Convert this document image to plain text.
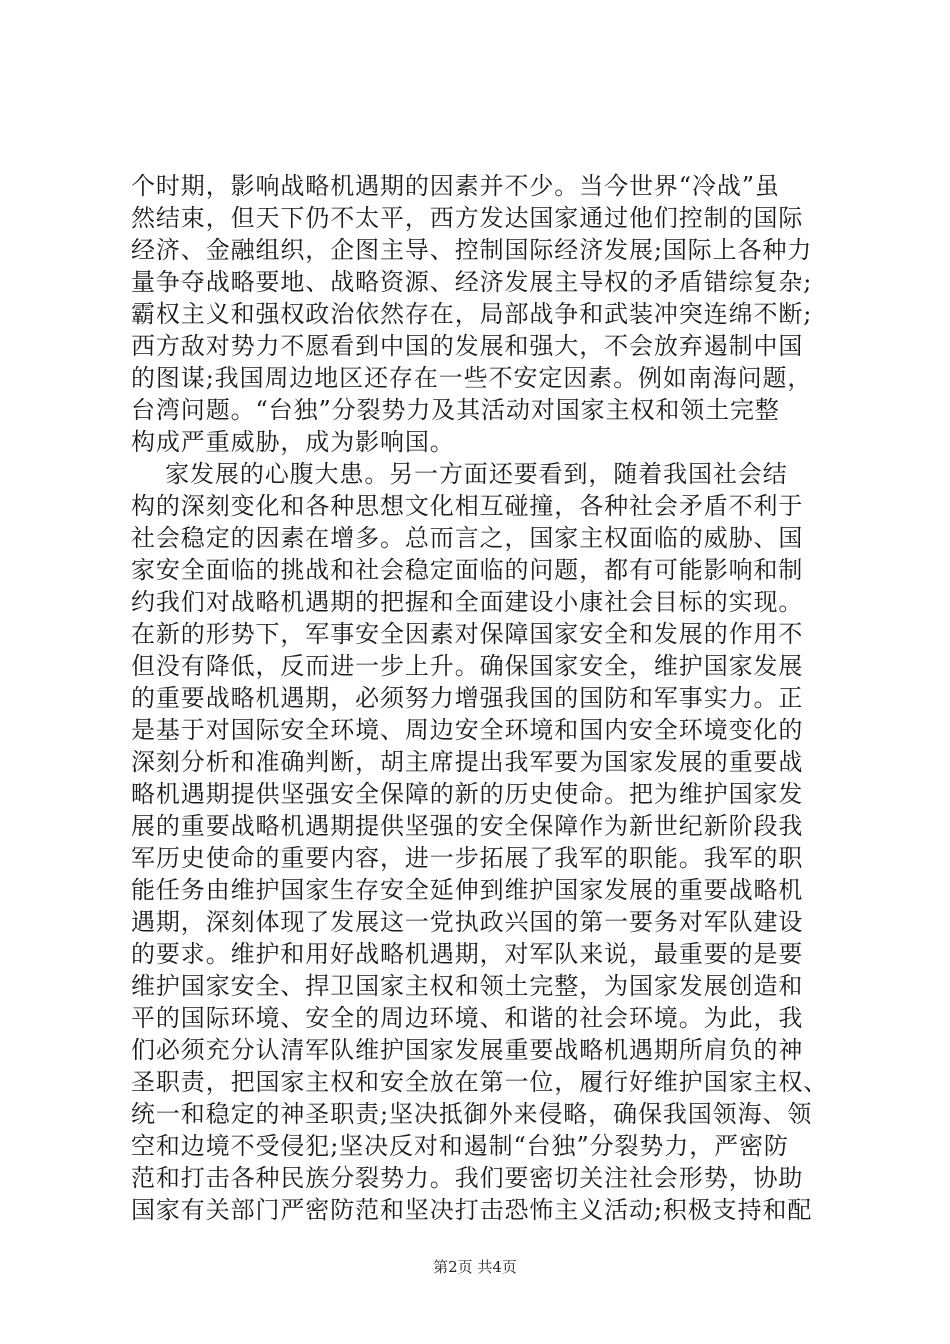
个时期，影响战略机遇期的因素并不少。当今世界“冷战”虽
然结束，但天下仍不太平，西方发达国家通过他们控制的国际
经济、金融组织，企图主导、控制国际经济发展;国际上各种力
量争夺战略要地、战略资源、经济发展主导权的矛盾错综复杂;
霸权主义和强权政治依然存在，局部战争和武装冲突连绵不断;
西方敌对势力不愿看到中国的发展和强大，不会放弃遏制中国
的图谋;我国周边地区还存在一些不安定因素。例如南海问题，
台湾问题。“台独”分裂势力及其活动对国家主权和领土完整
构成严重威胁，成为影响国。
家发展的心腹大患。另一方面还要看到，随着我国社会结
构的深刻变化和各种思想文化相互碰撞，各种社会矛盾不利于
社会稳定的因素在增多。总而言之，国家主权面临的威胁、国
家安全面临的挑战和社会稳定面临的问题，都有可能影响和制
约我们对战略机遇期的把握和全面建设小康社会目标的实现。
在新的形势下，军事安全因素对保障国家安全和发展的作用不
但没有降低，反而进一步上升。确保国家安全，维护国家发展
的重要战略机遇期，必须努力增强我国的国防和军事实力。正
是基于对国际安全环境、周边安全环境和国内安全环境变化的
深刻分析和准确判断，胡主席提出我军要为国家发展的重要战
略机遇期提供坚强安全保障的新的历史使命。把为维护国家发
展的重要战略机遇期提供坚强的安全保障作为新世纪新阶段我
军历史使命的重要内容，进一步拓展了我军的职能。我军的职
能任务由维护国家生存安全延伸到维护国家发展的重要战略机
遇期，深刻体现了发展这一党执政兴国的第一要务对军队建设
的要求。维护和用好战略机遇期，对军队来说，最重要的是要
维护国家安全、捍卫国家主权和领土完整，为国家发展创造和
平的国际环境、安全的周边环境、和谐的社会环境。为此，我
们必须充分认清军队维护国家发展重要战略机遇期所肩负的神
圣职责，把国家主权和安全放在第一位，履行好维护国家主权、
统一和稳定的神圣职责;坚决抵御外来侵略，确保我国领海、领
空和边境不受侵犯;坚决反对和遏制“台独”分裂势力，严密防
范和打击各种民族分裂势力。我们要密切关注社会形势，协助
国家有关部门严密防范和坚决打击恐怖主义活动;积极支持和配
第2页 共4页
